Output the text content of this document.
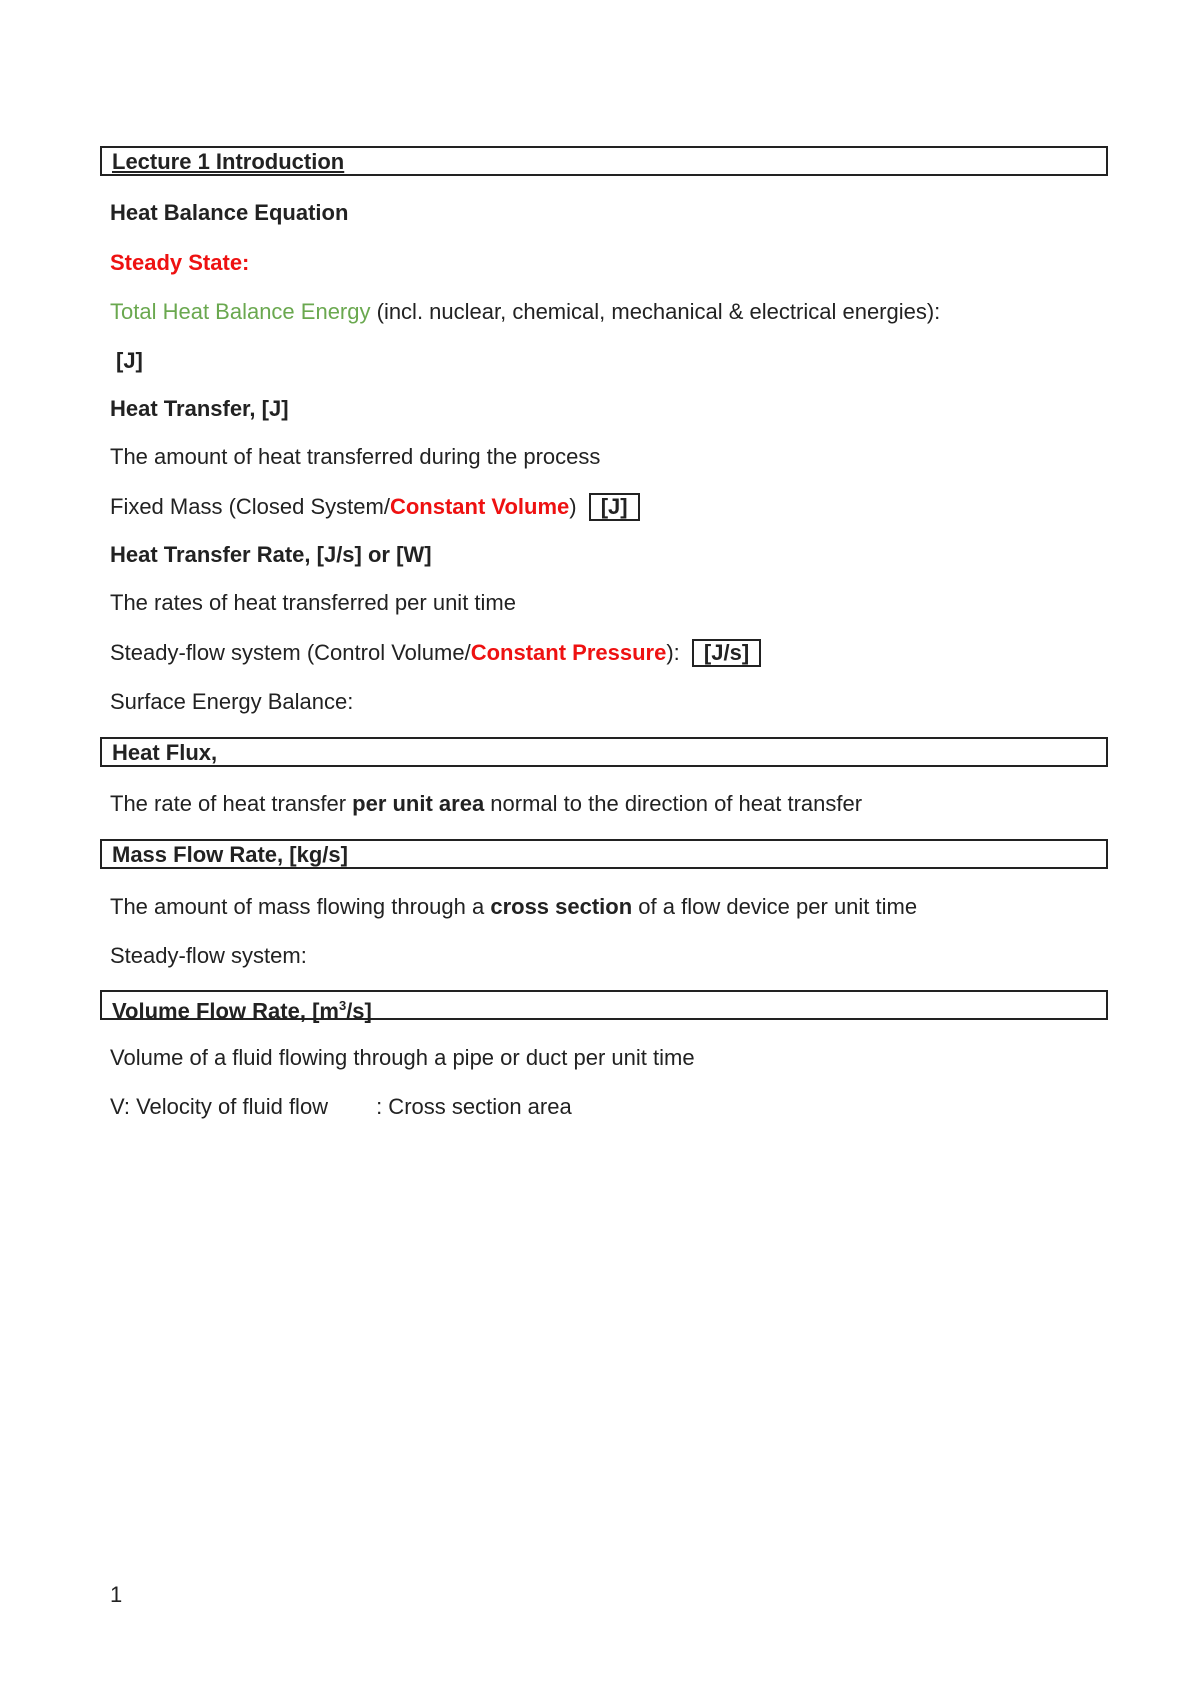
Lecture 1 Introduction
Heat Balance Equation
Steady State:
Total Heat Balance Energy (incl. nuclear, chemical, mechanical & electrical energies):
[J]
Heat Transfer, [J]
The amount of heat transferred during the process
Fixed Mass (Closed System/Constant Volume) [J]
Heat Transfer Rate, [J/s] or [W]
The rates of heat transferred per unit time
Steady-flow system (Control Volume/Constant Pressure): [J/s]
Surface Energy Balance:
Heat Flux,
The rate of heat transfer per unit area normal to the direction of heat transfer
Mass Flow Rate, [kg/s]
The amount of mass flowing through a cross section of a flow device per unit time
Steady-flow system:
Volume Flow Rate, $[m^3/s]$
Volume of a fluid flowing through a pipe or duct per unit time
V: Velocity of fluid flow : Cross section area
1
